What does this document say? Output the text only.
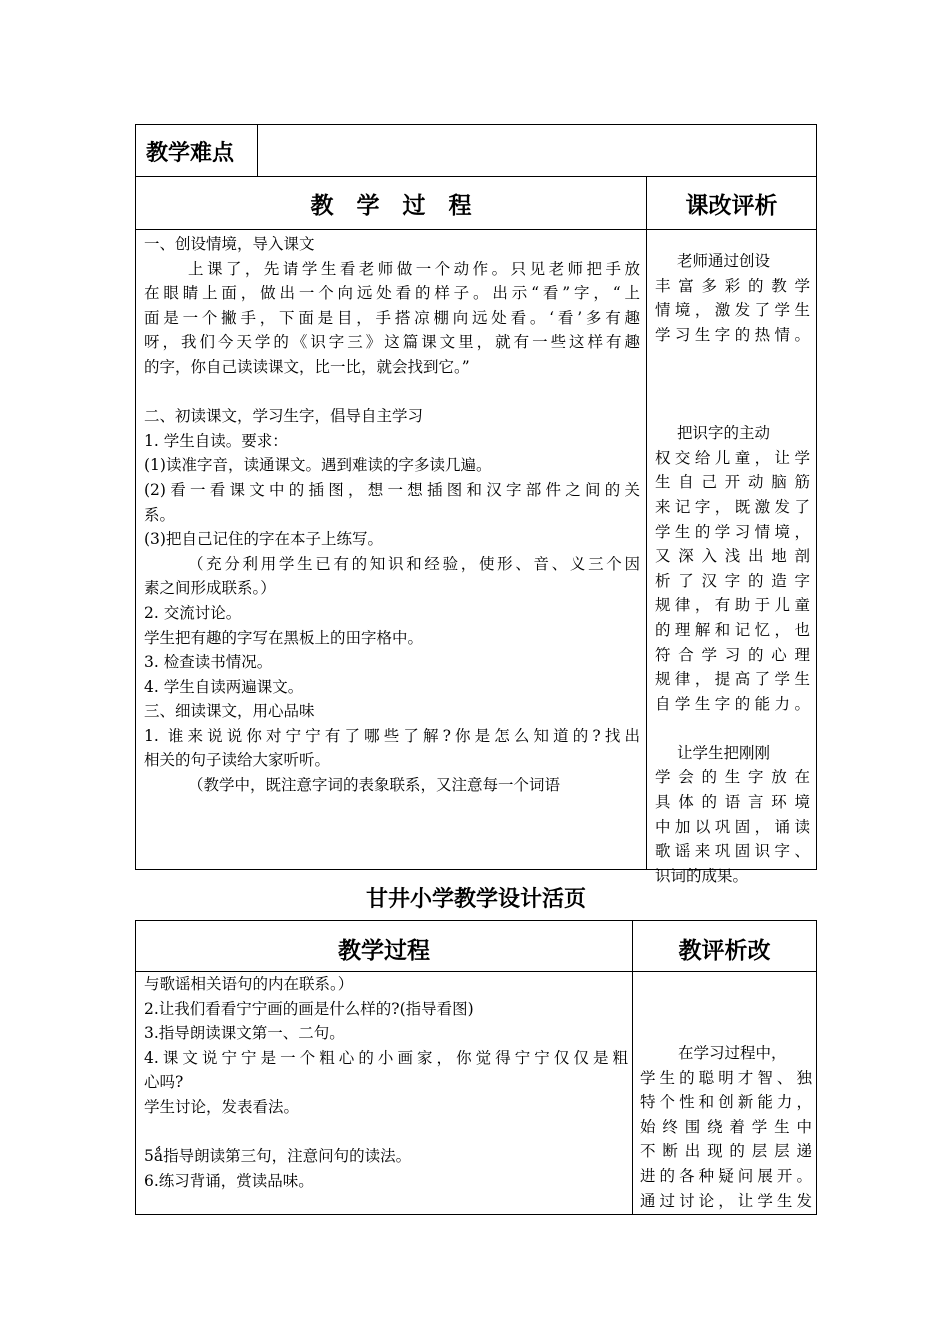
教学难点
教　学　过　程	课改评析
一、创设情境，导入课文
上课了，先请学生看老师做一个动作。只见老师把手放
在眼睛上面，做出一个向远处看的样子。出示“看”字，“上
面是一个撇手，下面是目，手搭凉棚向远处看。‘看’多有趣
呀，我们今天学的《识字三》这篇课文里，就有一些这样有趣
的字，你自己读读课文，比一比，就会找到它。”

二、初读课文，学习生字，倡导自主学习
1. 学生自读。要求：
(1)读准字音，读通课文。遇到难读的字多读几遍。
(2)看一看课文中的插图，想一想插图和汉字部件之间的关
系。
(3)把自己记住的字在本子上练写。
（充分利用学生已有的知识和经验，使形、音、义三个因
素之间形成联系。）
2. 交流讨论。
学生把有趣的字写在黑板上的田字格中。
3. 检查读书情况。
4. 学生自读两遍课文。
三、细读课文，用心品味
1. 谁来说说你对宁宁有了哪些了解?你是怎么知道的?找出
相关的句子读给大家听听。
（教学中，既注意字词的表象联系，又注意每一个词语
老师通过创设
丰富多彩的教学
情境，激发了学生
学习生字的热情。

把识字的主动
权交给儿童，让学
生自己开动脑筋
来记字，既激发了
学生的学习情境，
又深入浅出地剖
析了汉字的造字
规律，有助于儿童
的理解和记忆，也
符合学习的心理
规律，提高了学生
自学生字的能力。

让学生把刚刚
学会的生字放在
具体的语言环境
中加以巩固，诵读
歌谣来巩固识字、
识词的成果。
甘井小学教学设计活页
教学过程	教评析改
与歌谣相关语句的内在联系。）
2.让我们看看宁宁画的画是什么样的?(指导看图)
3.指导朗读课文第一、二句。
4.课文说宁宁是一个粗心的小画家，你觉得宁宁仅仅是粗
心吗?
学生讨论，发表看法。

5ǻ指导朗读第三句，注意问句的读法。
6.练习背诵，赏读品味。
在学习过程中，
学生的聪明才智、独
特个性和创新能力，
始终围绕着学生中
不断出现的层层递
进的各种疑问展开。
通过讨论，让学生发
